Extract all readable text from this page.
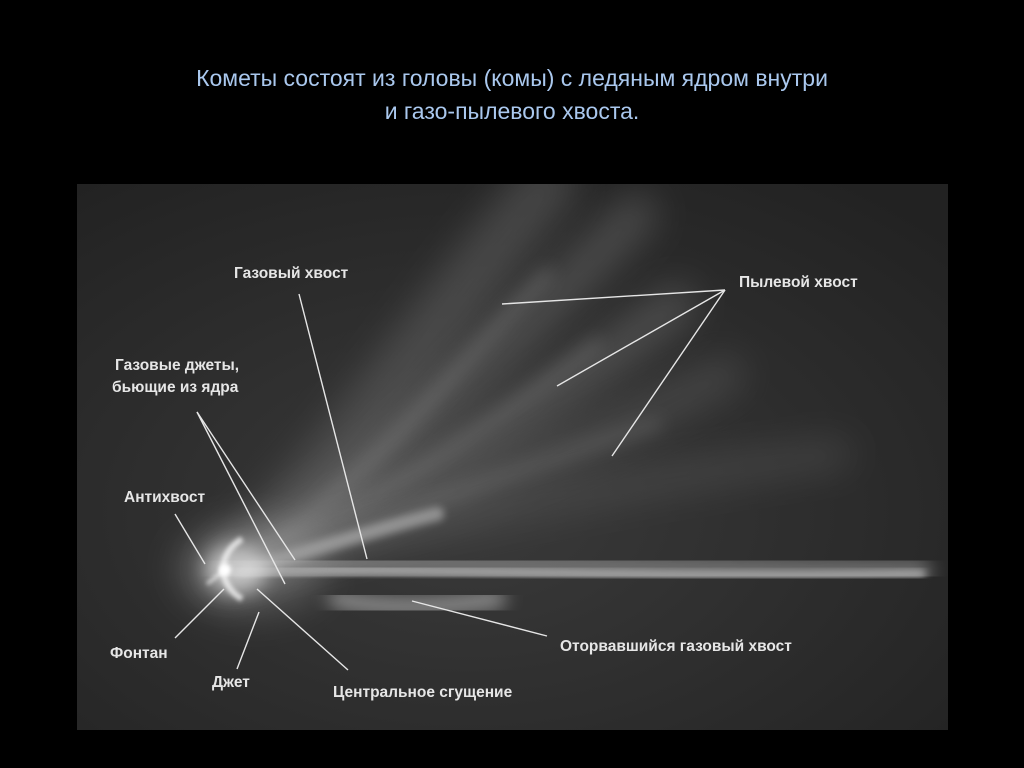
Кометы состоят из головы (комы) с ледяным ядром внутри
и газо-пылевого хвоста.
Газовый хвост
Пылевой хвост
Газовые джеты,
бьющие из ядра
Антихвост
Фонтан
Джет
Центральное сгущение
Оторвавшийся газовый хвост
